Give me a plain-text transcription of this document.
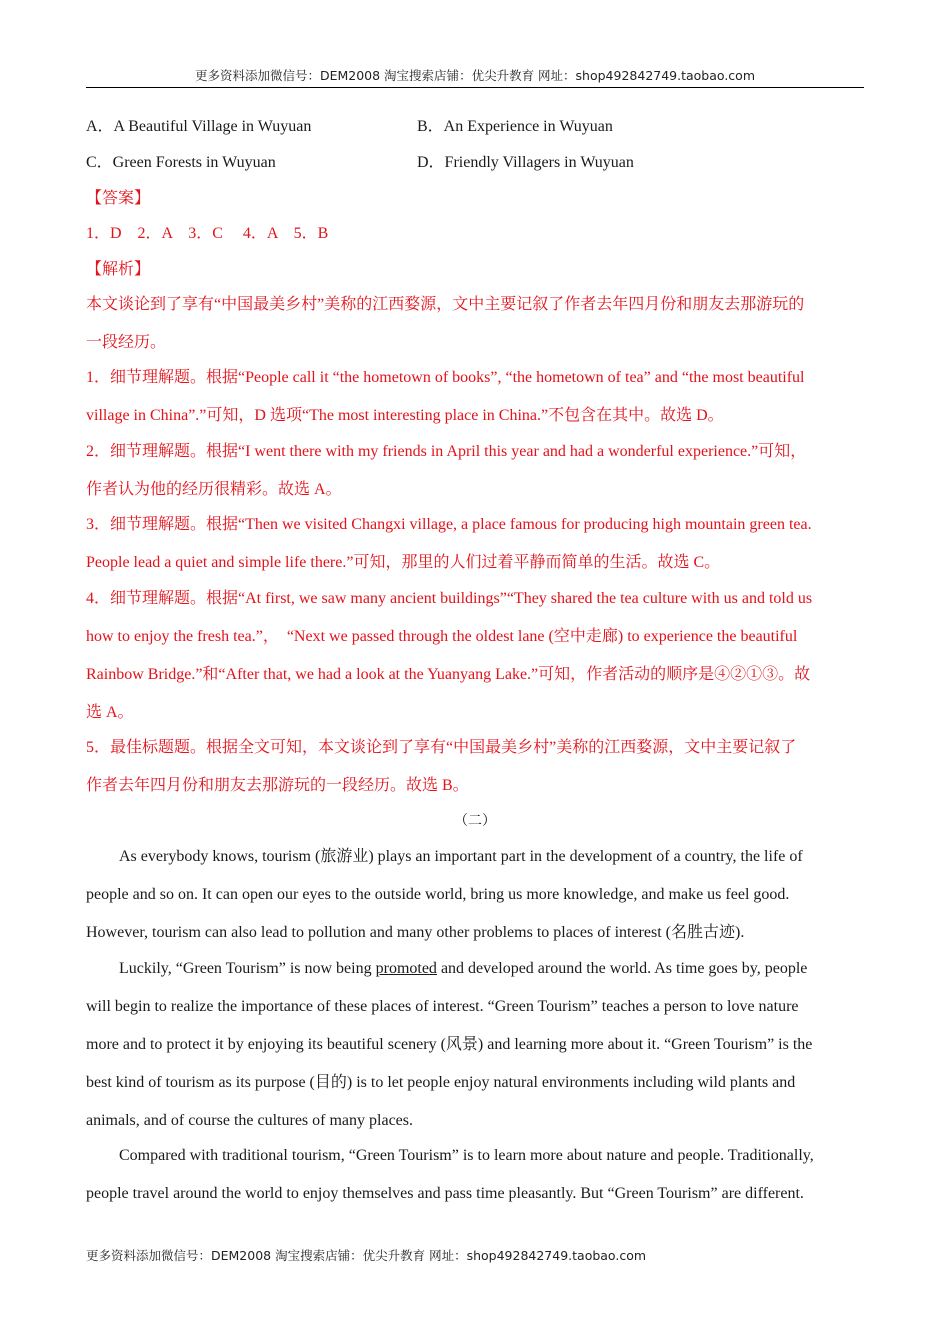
更多资料添加微信号：DEM2008 淘宝搜索店铺：优尖升教育 网址：shop492842749.taobao.com
A．A Beautiful Village in Wuyuan	B．An Experience in Wuyuan
C．Green Forests in Wuyuan	D．Friendly Villagers in Wuyuan
【答案】
1．D    2．A    3．C     4．A    5．B
【解析】
本文谈论到了享有“中国最美乡村”美称的江西婺源，文中主要记叙了作者去年四月份和朋友去那游玩的
一段经历。
1．细节理解题。根据“People call it “the hometown of books”, “the hometown of tea” and “the most beautiful
village in China”.”可知，D 选项“The most interesting place in China.”不包含在其中。故选 D。
2．细节理解题。根据“I went there with my friends in April this year and had a wonderful experience.”可知，
作者认为他的经历很精彩。故选 A。
3．细节理解题。根据“Then we visited Changxi village, a place famous for producing high mountain green tea.
People lead a quiet and simple life there.”可知，那里的人们过着平静而简单的生活。故选 C。
4．细节理解题。根据“At first, we saw many ancient buildings”“They shared the tea culture with us and told us
how to enjoy the fresh tea.”，  “Next we passed through the oldest lane (空中走廊) to experience the beautiful
Rainbow Bridge.”和“After that, we had a look at the Yuanyang Lake.”可知，作者活动的顺序是④②①③。故
选 A。
5．最佳标题题。根据全文可知，本文谈论到了享有“中国最美乡村”美称的江西婺源，文中主要记叙了
作者去年四月份和朋友去那游玩的一段经历。故选 B。
（二）
As everybody knows, tourism (旅游业) plays an important part in the development of a country, the life of
people and so on. It can open our eyes to the outside world, bring us more knowledge, and make us feel good.
However, tourism can also lead to pollution and many other problems to places of interest (名胜古迹).
Luckily, “Green Tourism” is now being promoted and developed around the world. As time goes by, people
will begin to realize the importance of these places of interest. “Green Tourism” teaches a person to love nature
more and to protect it by enjoying its beautiful scenery (风景) and learning more about it. “Green Tourism” is the
best kind of tourism as its purpose (目的) is to let people enjoy natural environments including wild plants and
animals, and of course the cultures of many places.
Compared with traditional tourism, “Green Tourism” is to learn more about nature and people. Traditionally,
people travel around the world to enjoy themselves and pass time pleasantly. But “Green Tourism” are different.
更多资料添加微信号：DEM2008 淘宝搜索店铺：优尖升教育 网址：shop492842749.taobao.com
